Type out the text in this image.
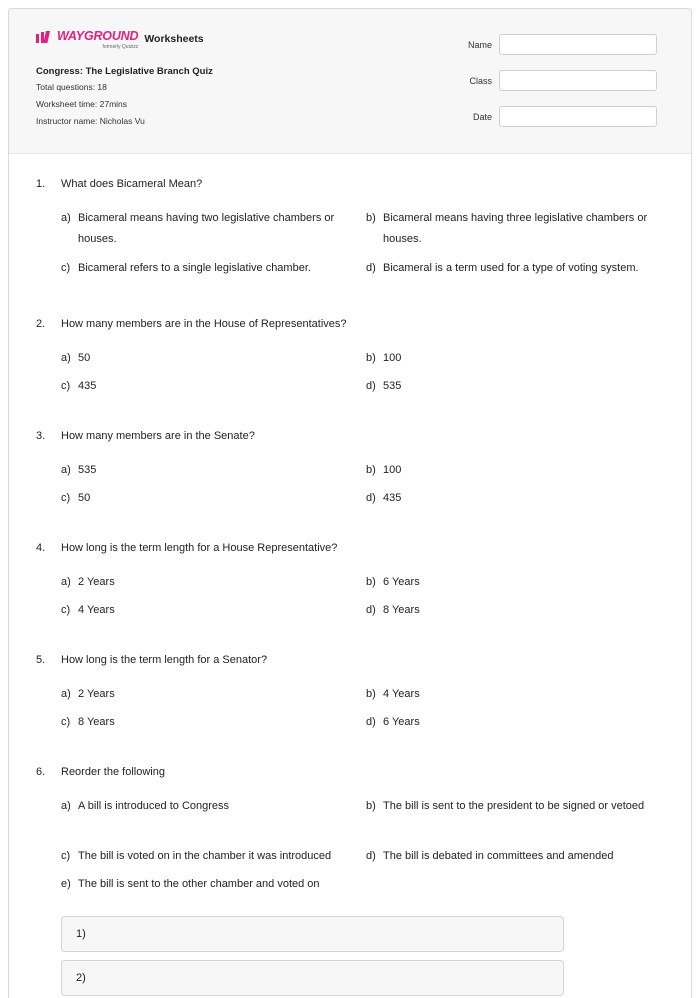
WAYGROUND
formerly Quizizz
Worksheets
Congress: The Legislative Branch Quiz
Total questions: 18
Worksheet time: 27mins
Instructor name: Nicholas Vu
Name
Class
Date
1.	What does Bicameral Mean?
a) Bicameral means having two legislative chambers or houses.
b) Bicameral means having three legislative chambers or houses.
c) Bicameral refers to a single legislative chamber.	d) Bicameral is a term used for a type of voting system.
2.	How many members are in the House of Representatives?
a) 50	b) 100
c) 435	d) 535
3.	How many members are in the Senate?
a) 535	b) 100
c) 50	d) 435
4.	How long is the term length for a House Representative?
a) 2 Years	b) 6 Years
c) 4 Years	d) 8 Years
5.	How long is the term length for a Senator?
a) 2 Years	b) 4 Years
c) 8 Years	d) 6 Years
6.	Reorder the following
a) A bill is introduced to Congress	b) The bill is sent to the president to be signed or vetoed
c) The bill is voted on in the chamber it was introduced	d) The bill is debated in committees and amended
e) The bill is sent to the other chamber and voted on
1)
2)
